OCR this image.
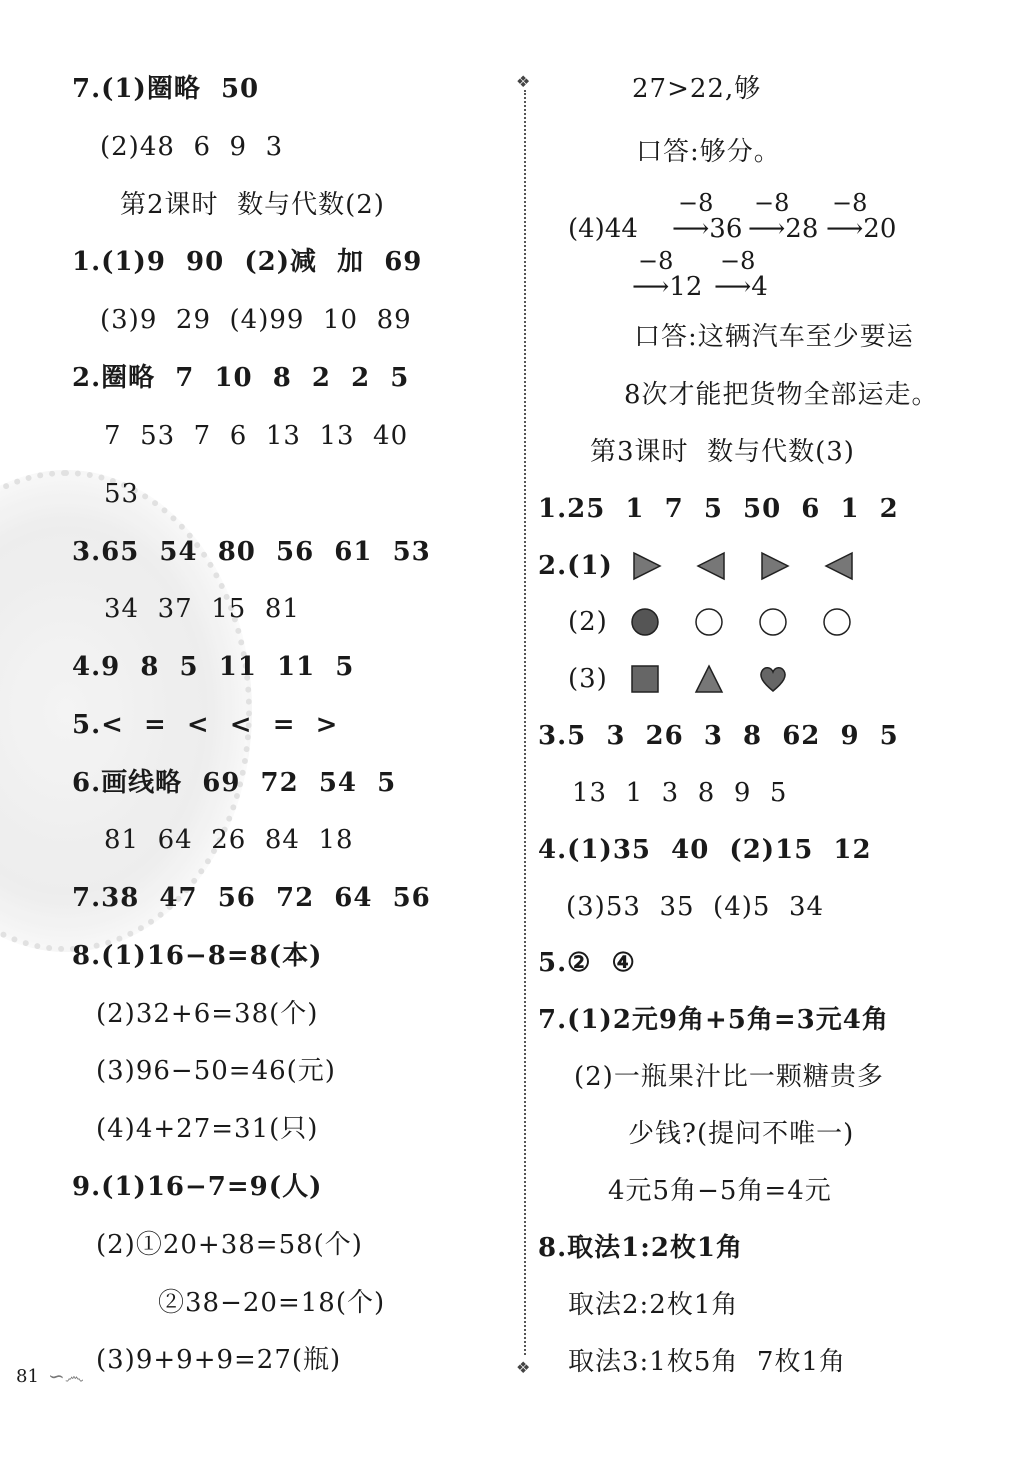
❖
❖
7.(1)圈略  50
(2)48  6  9  3
第2课时  数与代数(2)
1.(1)9  90  (2)减  加  69
(3)9  29  (4)99  10  89
2.圈略  7  10  8  2  2  5
7  53  7  6  13  13  40
53
3.65  54  80  56  61  53
34  37  15  81
4.9  8  5  11  11  5
5.<  =  <  <  =  >
6.画线略  69  72  54  5
81  64  26  84  18
7.38  47  56  72  64  56
8.(1)16−8=8(本)
(2)32+6=38(个)
(3)96−50=46(元)
(4)4+27=31(只)
9.(1)16−7=9(人)
(2)①20+38=58(个)
②38−20=18(个)
(3)9+9+9=27(瓶)
27>22,够
口答:够分。
(4)44
−8
⟶36
−8
⟶28
−8
⟶20
−8
⟶12
−8
⟶4
口答:这辆汽车至少要运
8次才能把货物全部运走。
第3课时  数与代数(3)
1.25  1  7  5  50  6  1  2
2.(1)
(2)
(3)
3.5  3  26  3  8  62  9  5
13  1  3  8  9  5
4.(1)35  40  (2)15  12
(3)53  35  (4)5  34
5.②  ④
7.(1)2元9角+5角=3元4角
(2)一瓶果汁比一颗糖贵多
少钱?(提问不唯一)
4元5角−5角=4元
8.取法1:2枚1角
取法2:2枚1角
取法3:1枚5角  7枚1角
81 ∽෴
